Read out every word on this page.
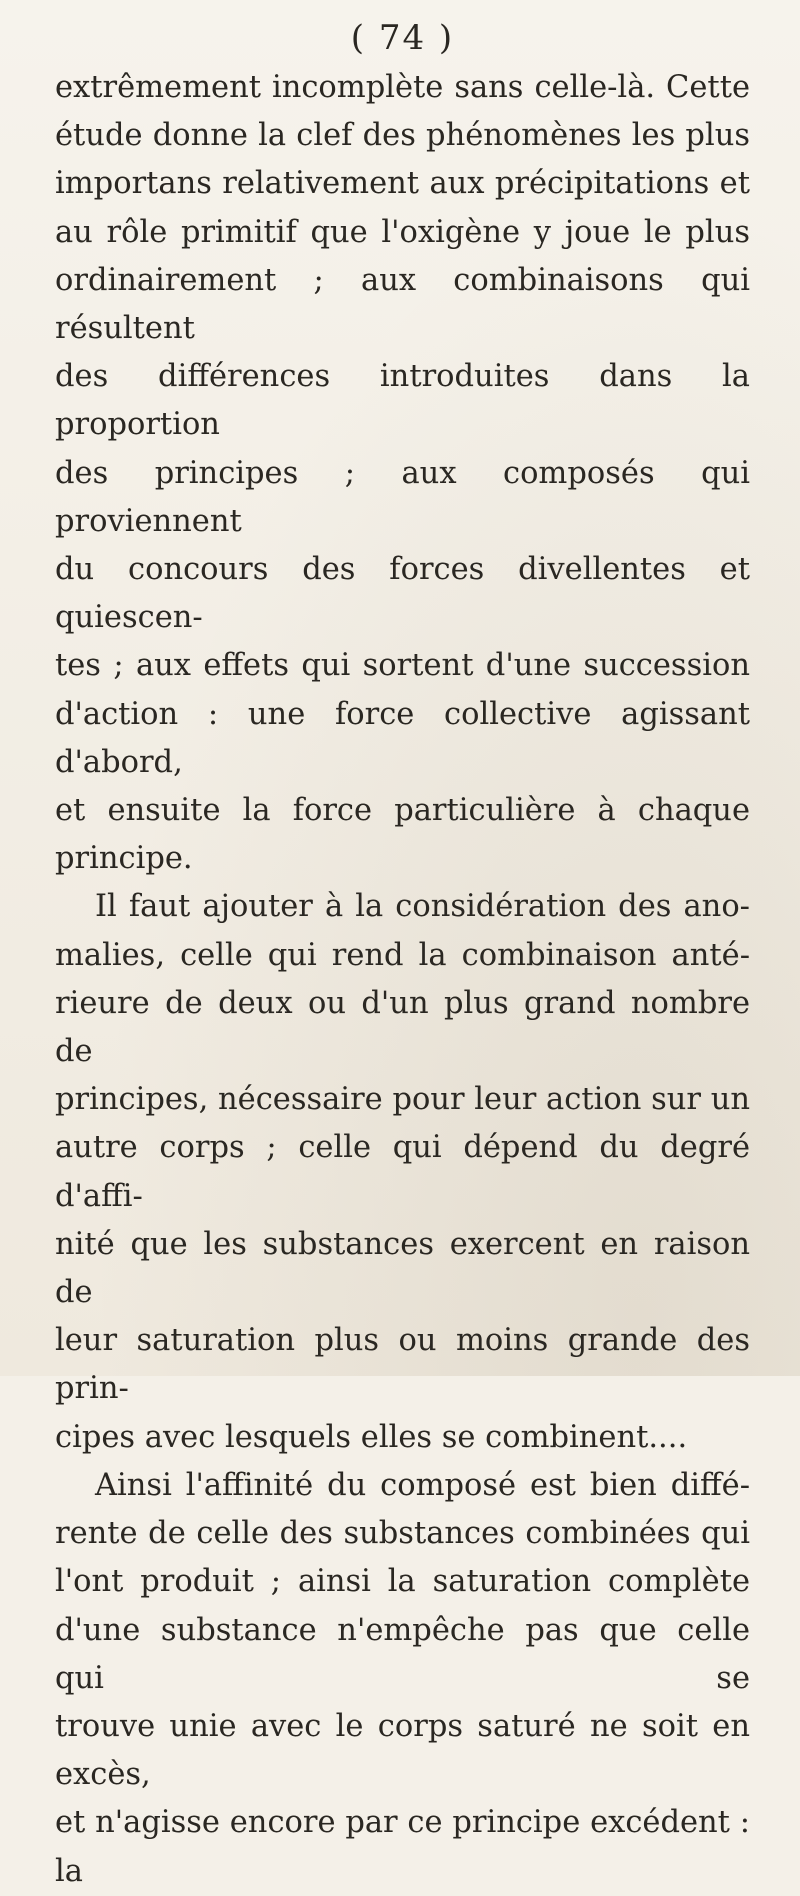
( 74 )

extrêmement incomplète sans celle-là. Cette

étude donne la clef des phénomènes les plus

importans relativement aux précipitations et

au rôle primitif que l'oxigène y joue le plus

ordinairement ; aux combinaisons qui résultent

des différences introduites dans la proportion

des principes ; aux composés qui proviennent

du concours des forces divellentes et quiescen-

tes ; aux effets qui sortent d'une succession

d'action : une force collective agissant d'abord,

et ensuite la force particulière à chaque

principe.

Il faut ajouter à la considération des ano-

malies, celle qui rend la combinaison anté-

rieure de deux ou d'un plus grand nombre de

principes, nécessaire pour leur action sur un

autre corps ; celle qui dépend du degré d'affi-

nité que les substances exercent en raison de

leur saturation plus ou moins grande des prin-

cipes avec lesquels elles se combinent....

Ainsi l'affinité du composé est bien diffé-

rente de celle des substances combinées qui

l'ont produit ; ainsi la saturation complète

d'une substance n'empêche pas que celle qui se

trouve unie avec le corps saturé ne soit en excès,

et n'agisse encore par ce principe excédent : la
